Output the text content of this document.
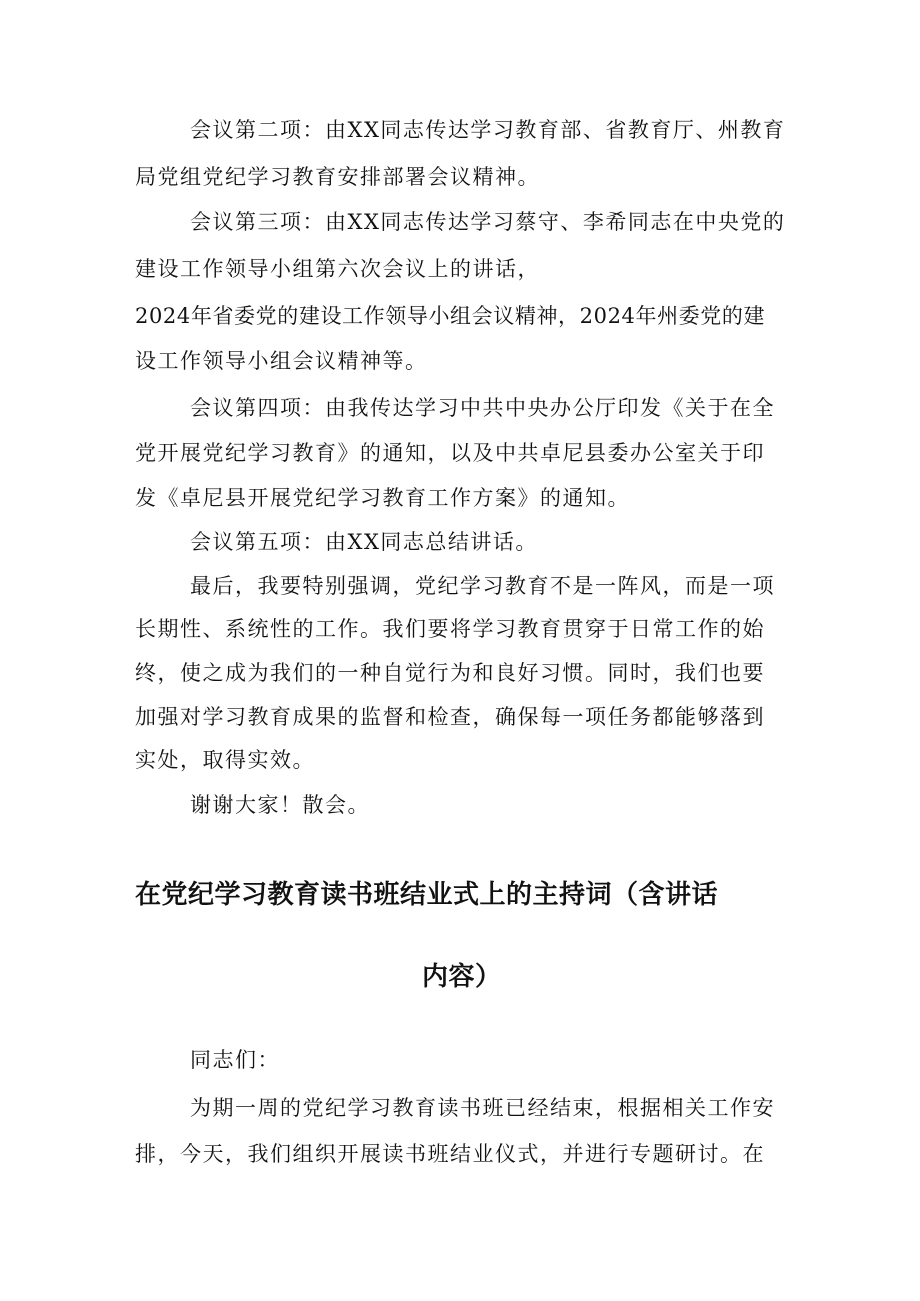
会议第二项：由XX同志传达学习教育部、省教育厅、州教育

局党组党纪学习教育安排部署会议精神。

会议第三项：由XX同志传达学习蔡守、李希同志在中央党的

建设工作领导小组第六次会议上的讲话，

2024年省委党的建设工作领导小组会议精神，2024年州委党的建

设工作领导小组会议精神等。

会议第四项：由我传达学习中共中央办公厅印发《关于在全

党开展党纪学习教育》的通知，以及中共卓尼县委办公室关于印

发《卓尼县开展党纪学习教育工作方案》的通知。

会议第五项：由XX同志总结讲话。

最后，我要特别强调，党纪学习教育不是一阵风，而是一项

长期性、系统性的工作。我们要将学习教育贯穿于日常工作的始

终，使之成为我们的一种自觉行为和良好习惯。同时，我们也要

加强对学习教育成果的监督和检查，确保每一项任务都能够落到

实处，取得实效。

谢谢大家！散会。

在党纪学习教育读书班结业式上的主持词（含讲话
内容）

同志们：

为期一周的党纪学习教育读书班已经结束，根据相关工作安

排，今天，我们组织开展读书班结业仪式，并进行专题研讨。在
